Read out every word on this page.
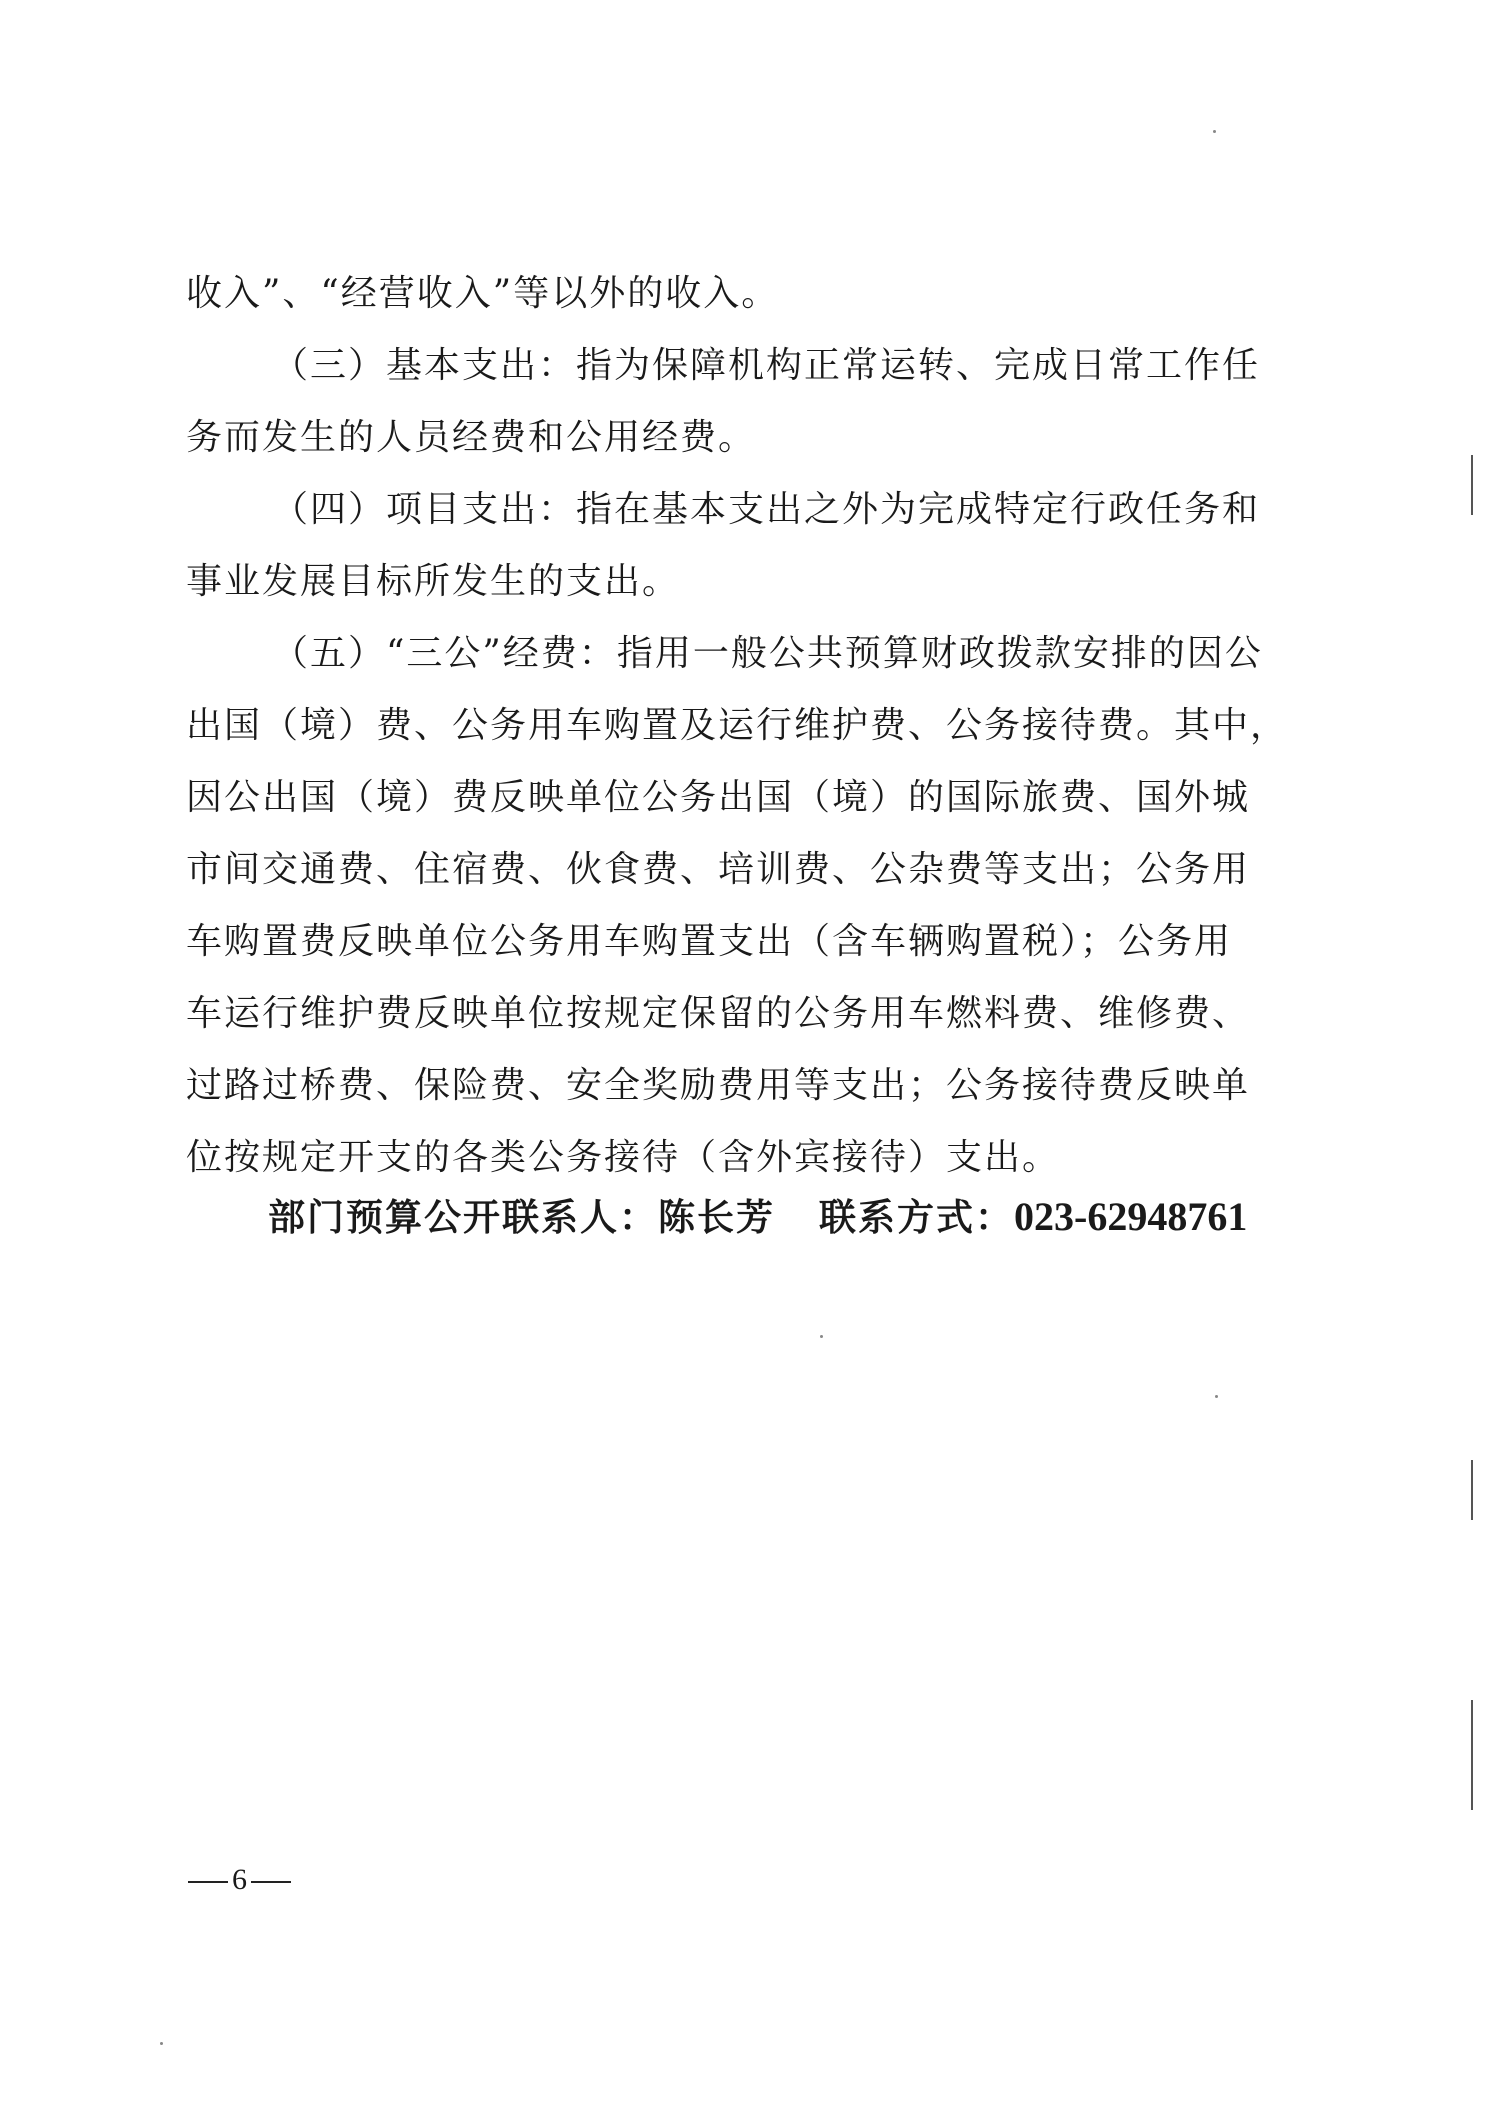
收入”、“经营收入”等以外的收入。
（三）基本支出：指为保障机构正常运转、完成日常工作任
务而发生的人员经费和公用经费。
（四）项目支出：指在基本支出之外为完成特定行政任务和
事业发展目标所发生的支出。
（五）“三公”经费：指用一般公共预算财政拨款安排的因公
出国（境）费、公务用车购置及运行维护费、公务接待费。其中，
因公出国（境）费反映单位公务出国（境）的国际旅费、国外城
市间交通费、住宿费、伙食费、培训费、公杂费等支出；公务用
车购置费反映单位公务用车购置支出（含车辆购置税）；公务用
车运行维护费反映单位按规定保留的公务用车燃料费、维修费、
过路过桥费、保险费、安全奖励费用等支出；公务接待费反映单
位按规定开支的各类公务接待（含外宾接待）支出。
部门预算公开联系人：陈长芳 联系方式：023-62948761
6
